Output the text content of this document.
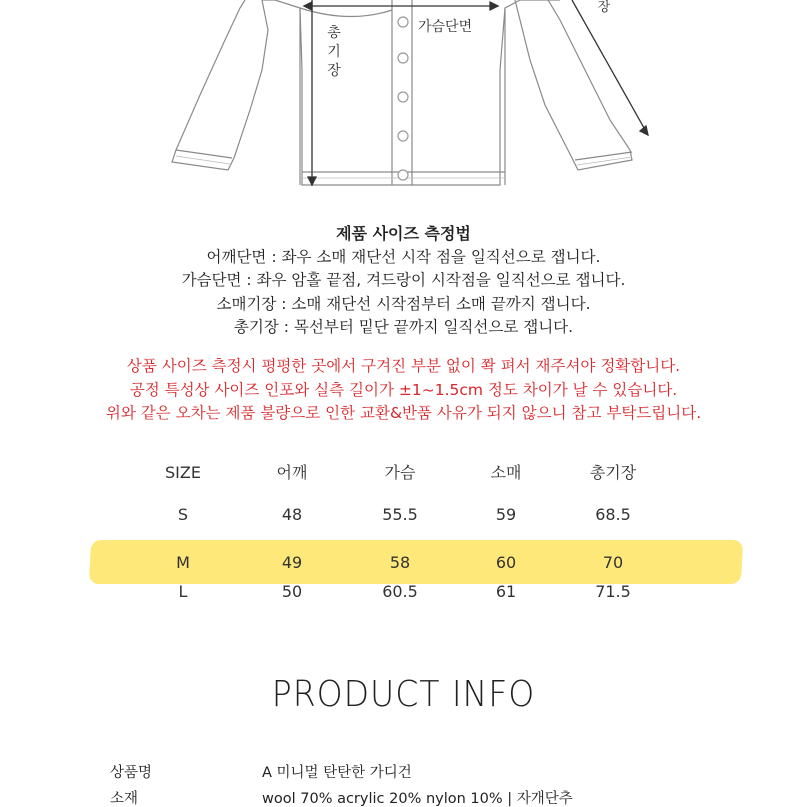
가슴단면
총기장
장
제품 사이즈 측정법
어깨단면 : 좌우 소매 재단선 시작 점을 일직선으로 잽니다.
가슴단면 : 좌우 암홀 끝점, 겨드랑이 시작점을 일직선으로 잽니다.
소매기장 : 소매 재단선 시작점부터 소매 끝까지 잽니다.
총기장 : 목선부터 밑단 끝까지 일직선으로 잽니다.
상품 사이즈 측정시 평평한 곳에서 구겨진 부분 없이 쫙 펴서 재주셔야 정확합니다.
공정 특성상 사이즈 인포와 실측 길이가 ±1~1.5cm 정도 차이가 날 수 있습니다.
위와 같은 오차는 제품 불량으로 인한 교환&반품 사유가 되지 않으니 참고 부탁드립니다.
SIZE	어깨	가슴	소매	총기장
S	48	55.5	59	68.5
M	49	58	60	70
L	50	60.5	61	71.5
PRODUCT INFO
상품명	A 미니멀 탄탄한 가디건
소재	wool 70% acrylic 20% nylon 10% | 자개단추
